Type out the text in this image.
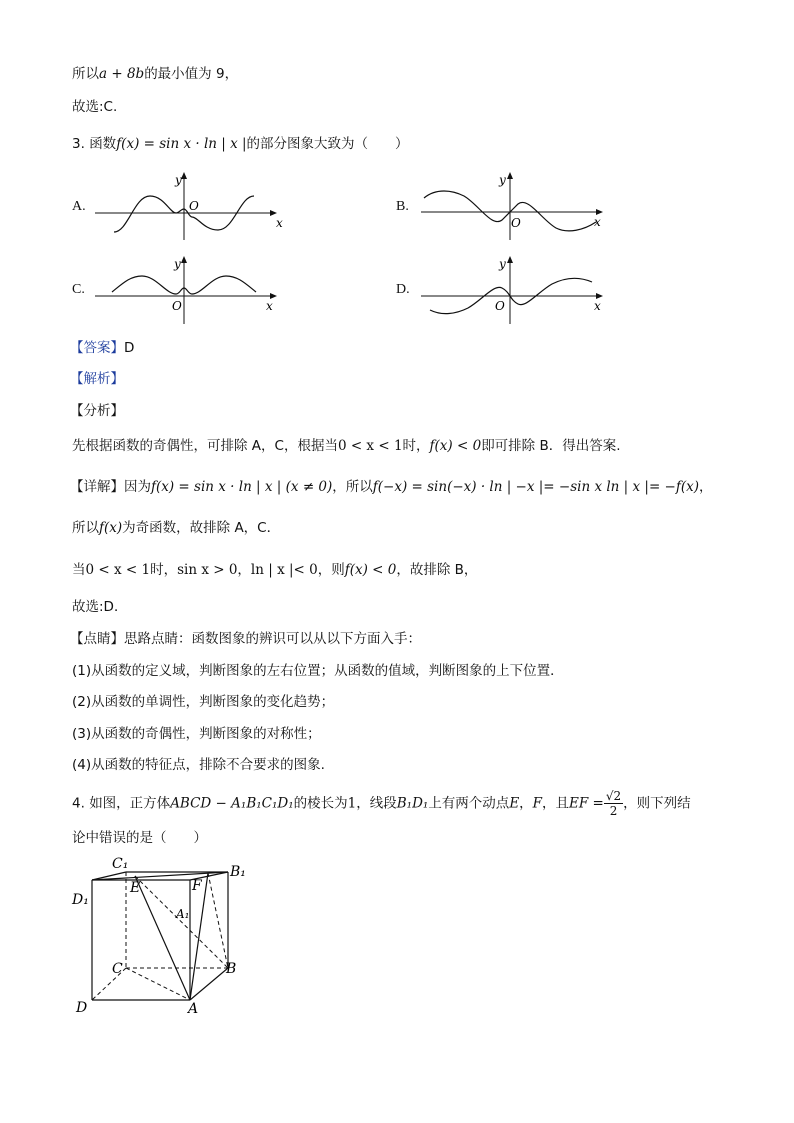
所以a + 8b的最小值为 9，
故选:C.
3. 函数f(x) = sin x · ln | x |的部分图象大致为（　　）
A.
x
y
O	B.
x
y
O
C.
x
y
O
D.
x
y
O
【答案】D
【解析】
【分析】
先根据函数的奇偶性，可排除 A，C，根据当0 < x < 1时，f(x) < 0即可排除 B．得出答案.
【详解】因为f(x) = sin x · ln | x | (x ≠ 0)，所以f(−x) = sin(−x) · ln | −x |= −sin x ln | x |= −f(x)，
所以f(x)为奇函数，故排除 A，C．
当0 < x < 1时，sin x > 0，ln | x |< 0，则f(x) < 0，故排除 B，
故选:D．
【点睛】思路点睛：函数图象的辨识可以从以下方面入手：
(1)从函数的定义域，判断图象的左右位置；从函数的值域，判断图象的上下位置．
(2)从函数的单调性，判断图象的变化趋势；
(3)从函数的奇偶性，判断图象的对称性；
(4)从函数的特征点，排除不合要求的图象.
4. 如图，正方体ABCD − A₁B₁C₁D₁的棱长为1，线段B₁D₁上有两个动点E，F，且EF = $\frac{√2}{2}$ ，则下列结
论中错误的是（　　）
C₁	B₁
D₁
A₁
E	F
C	B
D	A
